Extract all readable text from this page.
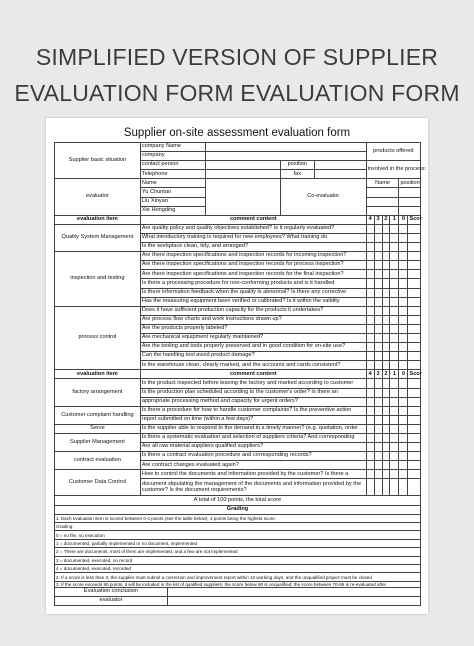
SIMPLIFIED VERSION OF SUPPLIER
EVALUATION FORM EVALUATION FORM
Supplier on-site assessment evaluation form
Supplier basic situation	company Name					products offered					
	company										
	contact person			position		involved in the process:					
	Telephone			fax							
evaluator	Name			Co-evaluator		Name				position	
	Yu Chuntao										
	Liu Xinyan										
	Xie Hongding										
evaluation item	comment content					4	3	2	1	0	Scor
Quality System Management	Are quality policy and quality objectives established? Is it regularly evaluated?										
	What introductory training is required for new employees? What training do										
	Is the workplace clean, tidy, and arranged?										
inspection and testing	Are there inspection specifications and inspection records for incoming inspection?										
	Are there inspection specifications and inspection records for process inspection?										
	Are there inspection specifications and inspection records for the final inspection?										
	Is there a processing procedure for non-conforming products and is it handled										
	Is there information feedback when the quality is abnormal? Is there any corrective										
	Has the measuring equipment been verified or calibrated? Is it within the validity										
process control	Does it have sufficient production capacity for the products it undertakes?										
	Are process flow charts and work instructions drawn up?										
	Are the products properly labeled?										
	Are mechanical equipment regularly maintained?										
	Are the tooling and tools properly preserved and in good condition for on-site use?										
	Can the handling tool avoid product damage?										
	Is the warehouse clean, clearly marked, and the accounts and cards consistent?										
evaluation item	comment content					4	3	2	1	0	Scor
factory arrangement	Is the product inspected before leaving the factory and marked according to customer										
	Is the production plan scheduled according to the customer's order? Is there an										
	appropriate processing method and capacity for urgent orders?										
Customer complaint handling	Is there a procedure for how to handle customer complaints? Is the preventive action										
	report submitted on time (within a few days)?										
Serve	Is the supplier able to respond to the demand in a timely manner? (e.g. quotation, order										
Supplier Management	Is there a systematic evaluation and selection of suppliers criteria? And corresponding										
	Are all raw material suppliers qualified suppliers?										
contract evaluation	Is there a contract evaluation procedure and corresponding records?										
	Are contract changes evaluated again?										
Customer Data Control	How to control the documents and information provided by the customer? Is there a										
	document stipulating the management of the documents and information provided by the customer? Is the document requirements?										
A total of 100 points, the total score											
Grading											
1. Each evaluation item is scored between 0-4 points (see the table below), 4 points being the highest score.											
Grading:											
0 = no file, no execution											
1 = documented, partially implemented or no document, implemented											
2 = There are documents, most of them are implemented, and a few are not implemented											
3 = documented, executed, no record											
4 = documented, executed, recorded											
2. If a score is less than 3, the supplier must submit a correction and improvement report within 10 working days, and the unqualified project must be closed											
3. If the score exceeds 90 points, it will be included in the list of qualified suppliers; the score below 90 is unqualified; the score between 70-85 is re-evaluated after											
Evaluation conclusion											
evaluator											
